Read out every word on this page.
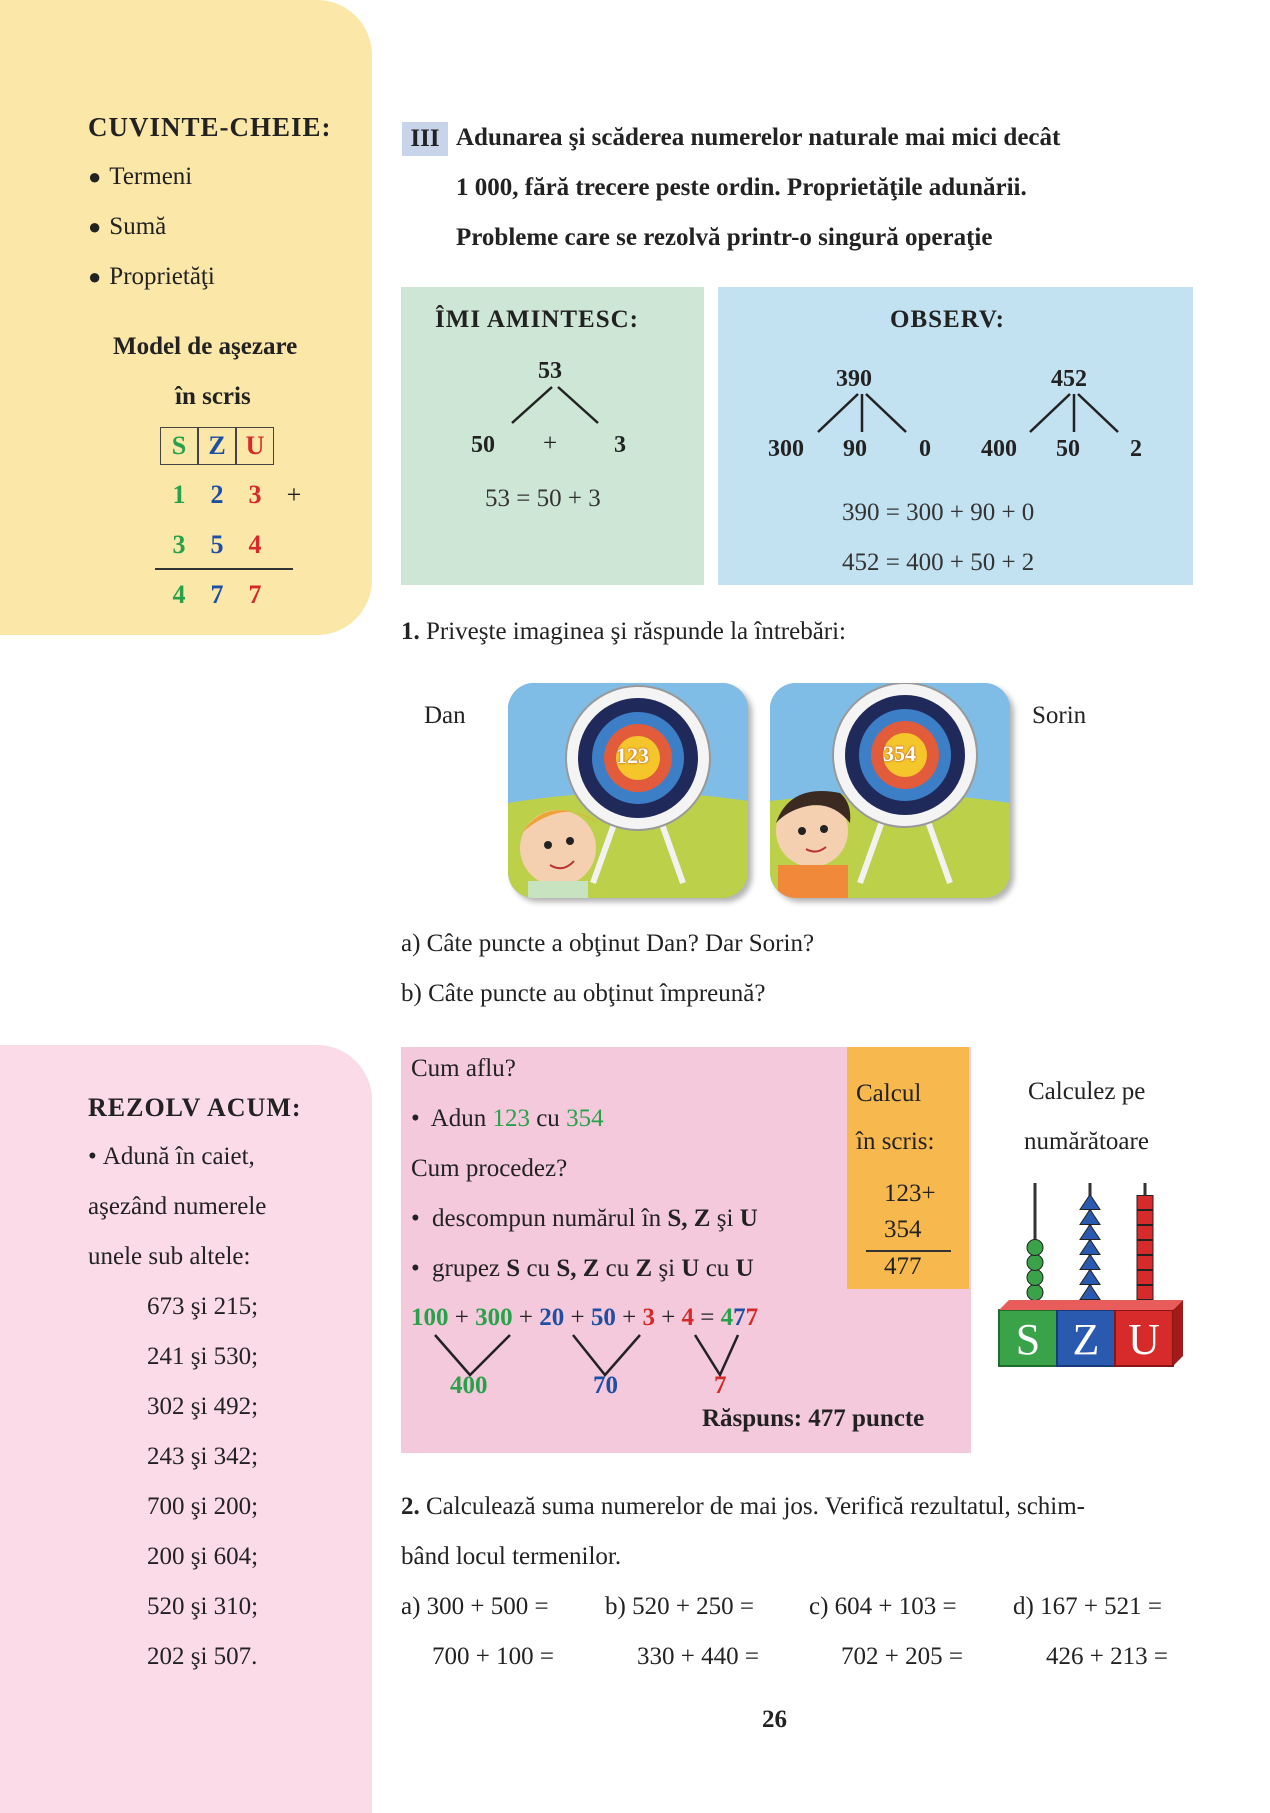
CUVINTE-CHEIE:
● Termeni
● Sumă
● Proprietăţi
Model de aşezare
în scris
S Z U
1 2 3 +
3 5 4
4 7 7
III Adunarea şi scăderea numerelor naturale mai mici decât
1 000, fără trecere peste ordin. Proprietăţile adunării.
Probleme care se rezolvă printr-o singură operaţie
ÎMI AMINTESC:
53
50 + 3
53 = 50 + 3
OBSERV:
390
300 90 0
452
400 50 2
390 = 300 + 90 + 0
452 = 400 + 50 + 2
1. Priveşte imaginea şi răspunde la întrebări:
Dan	Sorin
123	354
a) Câte puncte a obţinut Dan? Dar Sorin?
b) Câte puncte au obţinut împreună?
REZOLV ACUM:
• Adună în caiet,
aşezând numerele
unele sub altele:
673 şi 215;
241 şi 530;
302 şi 492;
243 şi 342;
700 şi 200;
200 şi 604;
520 şi 310;
202 şi 507.
Cum aflu?
• Adun 123 cu 354
Cum procedez?
• descompun numărul în S, Z şi U
• grupez S cu S, Z cu Z şi U cu U
100 + 300 + 20 + 50 + 3 + 4 = 477
400	70	7
Răspuns: 477 puncte
Calcul
în scris:
123+
354
477
Calculez pe
numărătoare
S Z U
2. Calculează suma numerelor de mai jos. Verifică rezultatul, schim-
bând locul termenilor.
a) 300 + 500 = b) 520 + 250 = c) 604 + 103 = d) 167 + 521 =
700 + 100 =	330 + 440 =	702 + 205 =	426 + 213 =
26
